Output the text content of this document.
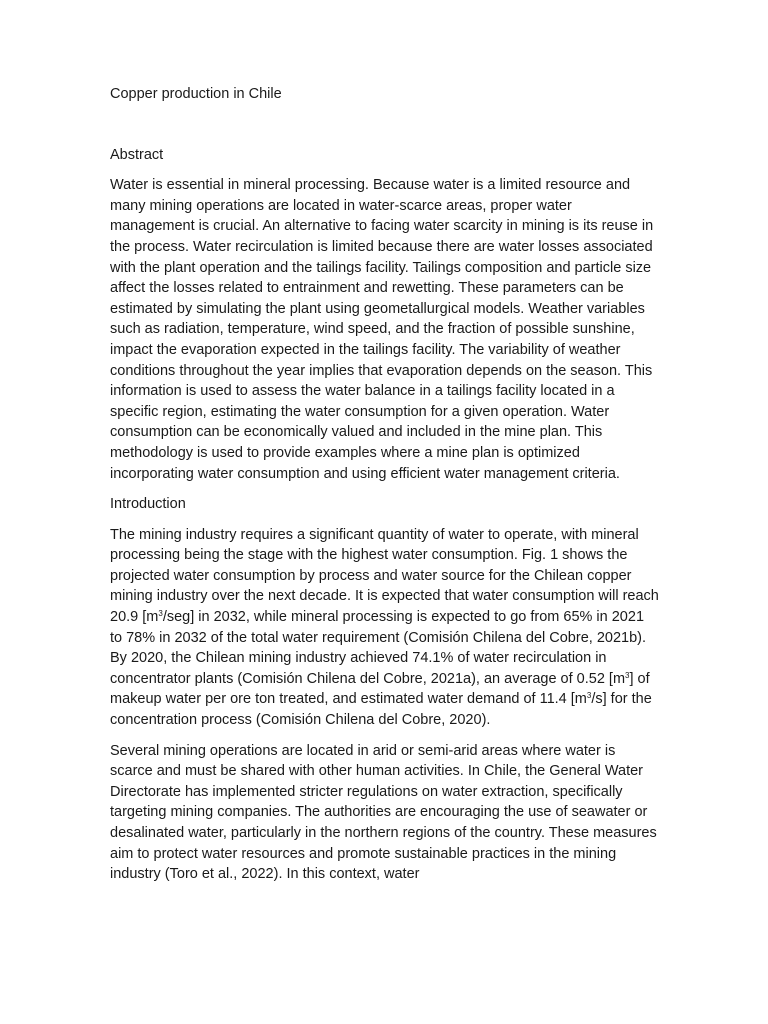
Copper production in Chile
Abstract

Water is essential in mineral processing. Because water is a limited resource and many mining operations are located in water-scarce areas, proper water management is crucial. An alternative to facing water scarcity in mining is its reuse in the process. Water recirculation is limited because there are water losses associated with the plant operation and the tailings facility. Tailings composition and particle size affect the losses related to entrainment and rewetting. These parameters can be estimated by simulating the plant using geometallurgical models. Weather variables such as radiation, temperature, wind speed, and the fraction of possible sunshine, impact the evaporation expected in the tailings facility. The variability of weather conditions throughout the year implies that evaporation depends on the season. This information is used to assess the water balance in a tailings facility located in a specific region, estimating the water consumption for a given operation. Water consumption can be economically valued and included in the mine plan. This methodology is used to provide examples where a mine plan is optimized incorporating water consumption and using efficient water management criteria.

Introduction

The mining industry requires a significant quantity of water to operate, with mineral processing being the stage with the highest water consumption. Fig. 1 shows the projected water consumption by process and water source for the Chilean copper mining industry over the next decade. It is expected that water consumption will reach 20.9 $[m^3/seg]$ in 2032, while mineral processing is expected to go from 65% in 2021 to 78% in 2032 of the total water requirement (Comisión Chilena del Cobre, 2021b). By 2020, the Chilean mining industry achieved 74.1% of water recirculation in concentrator plants (Comisión Chilena del Cobre, 2021a), an average of 0.52 $[m^3]$ of makeup water per ore ton treated, and estimated water demand of 11.4 $[m^3/s]$ for the concentration process (Comisión Chilena del Cobre, 2020).

Several mining operations are located in arid or semi-arid areas where water is scarce and must be shared with other human activities. In Chile, the General Water Directorate has implemented stricter regulations on water extraction, specifically targeting mining companies. The authorities are encouraging the use of seawater or desalinated water, particularly in the northern regions of the country. These measures aim to protect water resources and promote sustainable practices in the mining industry (Toro et al., 2022). In this context, water
